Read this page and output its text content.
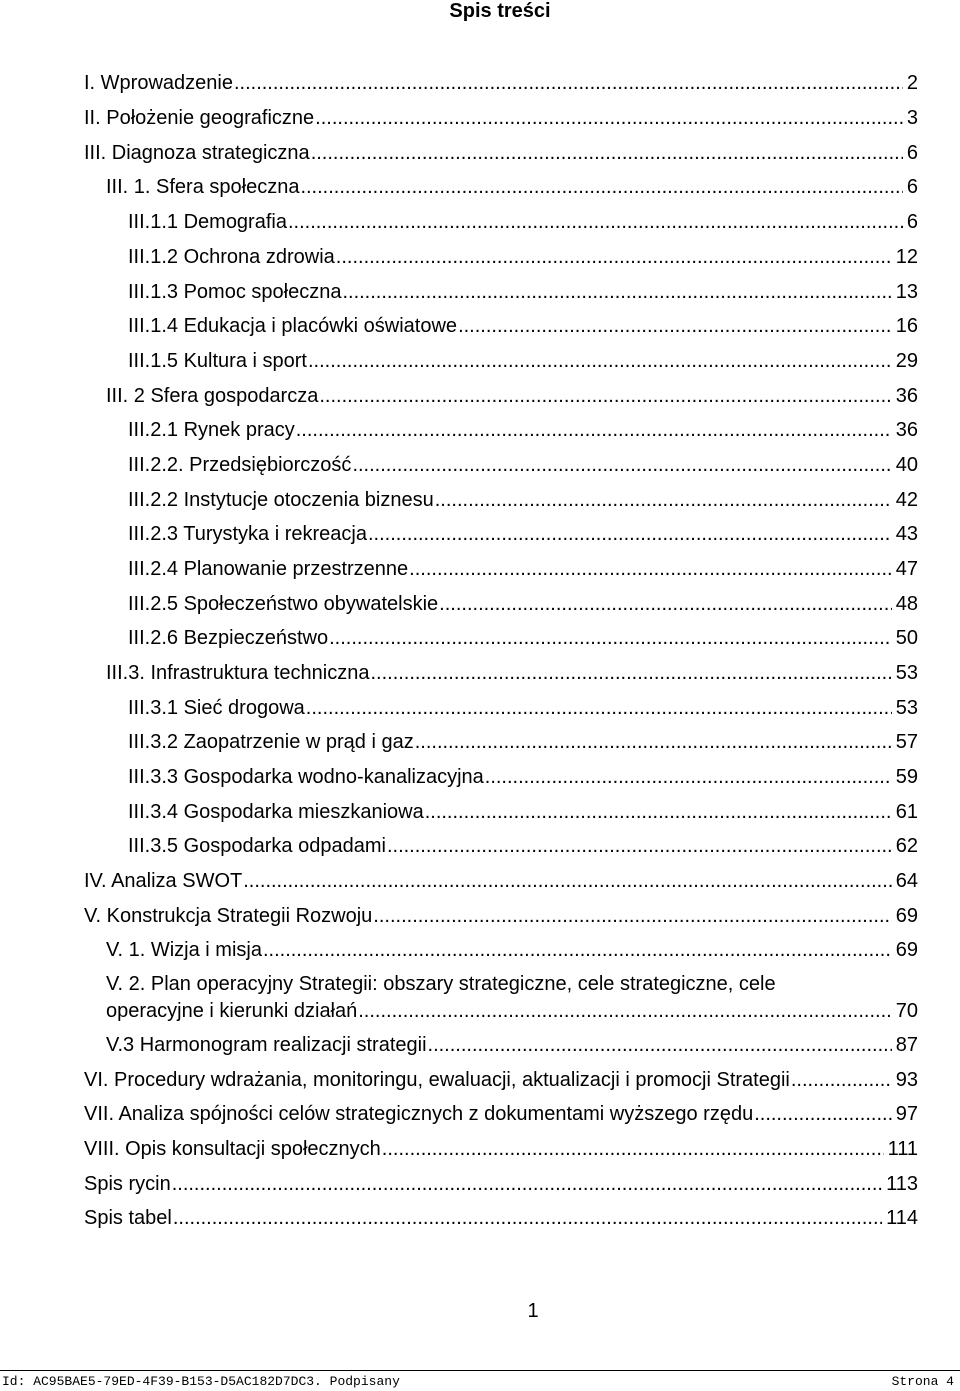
Spis treści
I. Wprowadzenie .....	2
II. Położenie geograficzne .....	3
III. Diagnoza strategiczna .....	6
III. 1. Sfera społeczna .....	6
III.1.1 Demografia .....	6
III.1.2 Ochrona zdrowia .....	12
III.1.3 Pomoc społeczna .....	13
III.1.4 Edukacja i placówki oświatowe .....	16
III.1.5 Kultura i sport .....	29
III. 2 Sfera gospodarcza .....	36
III.2.1 Rynek pracy .....	36
III.2.2. Przedsiębiorczość .....	40
III.2.2 Instytucje otoczenia biznesu .....	42
III.2.3 Turystyka i rekreacja .....	43
III.2.4 Planowanie przestrzenne .....	47
III.2.5 Społeczeństwo obywatelskie .....	48
III.2.6 Bezpieczeństwo .....	50
III.3. Infrastruktura techniczna .....	53
III.3.1 Sieć drogowa .....	53
III.3.2 Zaopatrzenie w prąd i gaz .....	57
III.3.3 Gospodarka wodno-kanalizacyjna .....	59
III.3.4 Gospodarka mieszkaniowa .....	61
III.3.5 Gospodarka odpadami .....	62
IV. Analiza SWOT .....	64
V. Konstrukcja Strategii Rozwoju .....	69
V. 1. Wizja i misja .....	69
V. 2. Plan operacyjny Strategii: obszary strategiczne, cele strategiczne, cele
operacyjne i kierunki działań .....	70
V.3 Harmonogram realizacji strategii .....	87
VI. Procedury wdrażania, monitoringu, ewaluacji, aktualizacji i promocji Strategii .....	93
VII. Analiza spójności celów strategicznych z dokumentami wyższego rzędu .....	97
VIII. Opis konsultacji społecznych .....	111
Spis rycin .....	113
Spis tabel .....	114
1
Id: AC95BAE5-79ED-4F39-B153-D5AC182D7DC3. Podpisany	Strona 4
